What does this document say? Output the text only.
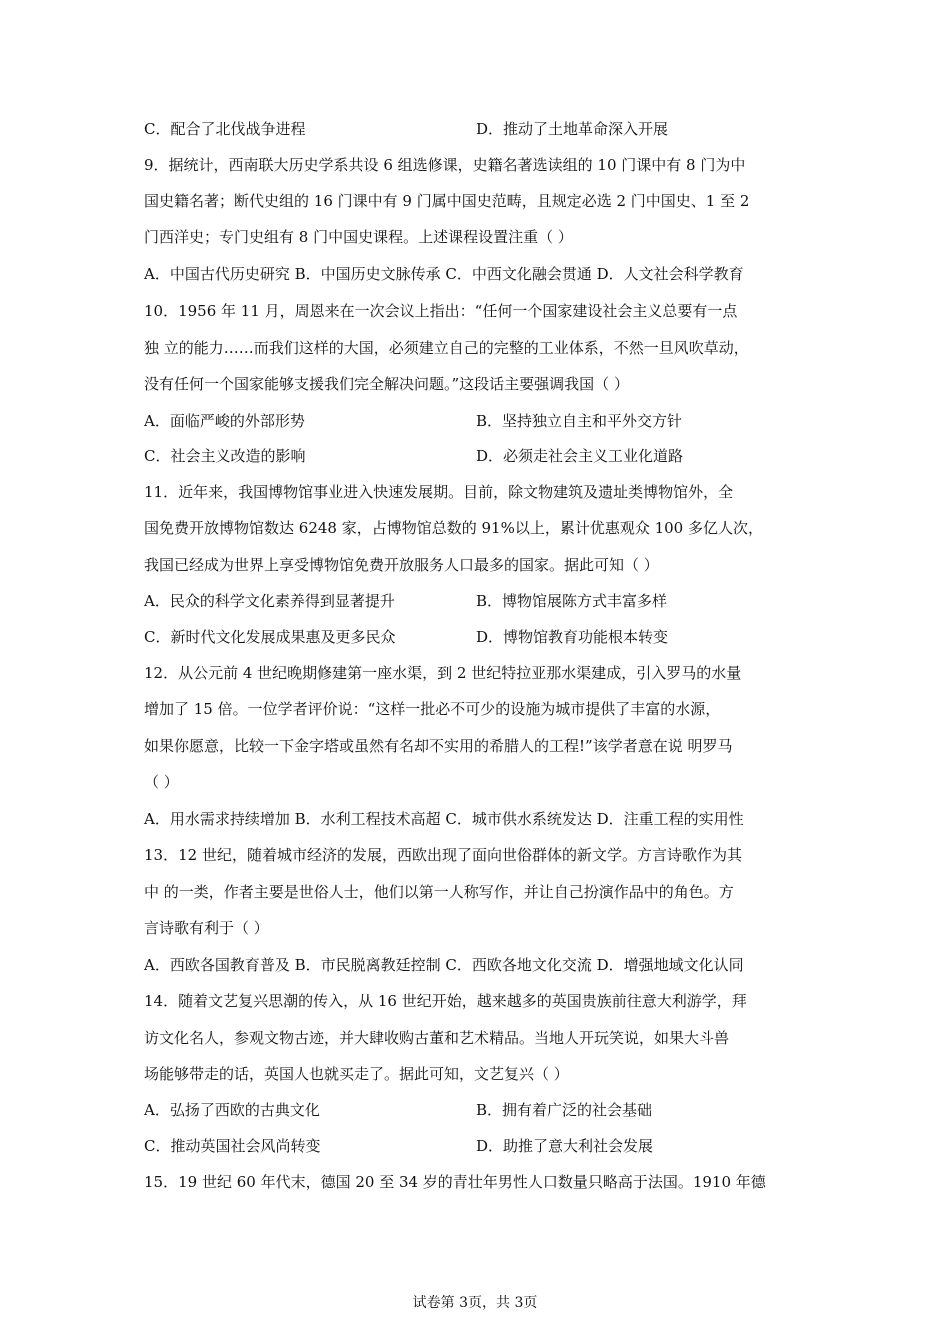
C．配合了北伐战争进程	D．推动了土地革命深入开展
9．据统计，西南联大历史学系共设 6 组选修课，史籍名著选读组的 10 门课中有 8 门为中
国史籍名著；断代史组的 16 门课中有 9 门属中国史范畴，且规定必选 2 门中国史、1 至 2
门西洋史；专门史组有 8 门中国史课程。上述课程设置注重（ ）
A．中国古代历史研究 B．中国历史文脉传承 C．中西文化融会贯通 D．人文社会科学教育
10．1956 年 11 月，周恩来在一次会议上指出：“任何一个国家建设社会主义总要有一点
独 立的能力……而我们这样的大国，必须建立自己的完整的工业体系，不然一旦风吹草动，
没有任何一个国家能够支援我们完全解决问题。”这段话主要强调我国（ ）
A．面临严峻的外部形势	B．坚持独立自主和平外交方针
C．社会主义改造的影响	D．必须走社会主义工业化道路
11．近年来，我国博物馆事业进入快速发展期。目前，除文物建筑及遗址类博物馆外，全
国免费开放博物馆数达 6248 家，占博物馆总数的 91%以上，累计优惠观众 100 多亿人次，
我国已经成为世界上享受博物馆免费开放服务人口最多的国家。据此可知（ ）
A．民众的科学文化素养得到显著提升	B．博物馆展陈方式丰富多样
C．新时代文化发展成果惠及更多民众	D．博物馆教育功能根本转变
12．从公元前 4 世纪晚期修建第一座水渠，到 2 世纪特拉亚那水渠建成，引入罗马的水量
增加了 15 倍。一位学者评价说：“这样一批必不可少的设施为城市提供了丰富的水源，
如果你愿意，比较一下金字塔或虽然有名却不实用的希腊人的工程!”该学者意在说 明罗马
（ ）
A．用水需求持续增加 B．水利工程技术高超 C．城市供水系统发达 D．注重工程的实用性
13．12 世纪，随着城市经济的发展，西欧出现了面向世俗群体的新文学。方言诗歌作为其
中 的一类，作者主要是世俗人士，他们以第一人称写作，并让自己扮演作品中的角色。方
言诗歌有利于（ ）
A．西欧各国教育普及 B．市民脱离教廷控制 C．西欧各地文化交流 D．增强地域文化认同
14．随着文艺复兴思潮的传入，从 16 世纪开始，越来越多的英国贵族前往意大利游学，拜
访文化名人，参观文物古迹，并大肆收购古董和艺术精品。当地人开玩笑说，如果大斗兽
场能够带走的话，英国人也就买走了。据此可知，文艺复兴（ ）
A．弘扬了西欧的古典文化	B．拥有着广泛的社会基础
C．推动英国社会风尚转变	D．助推了意大利社会发展
15．19 世纪 60 年代末，德国 20 至 34 岁的青壮年男性人口数量只略高于法国。1910 年德
试卷第 3页，共 3页
